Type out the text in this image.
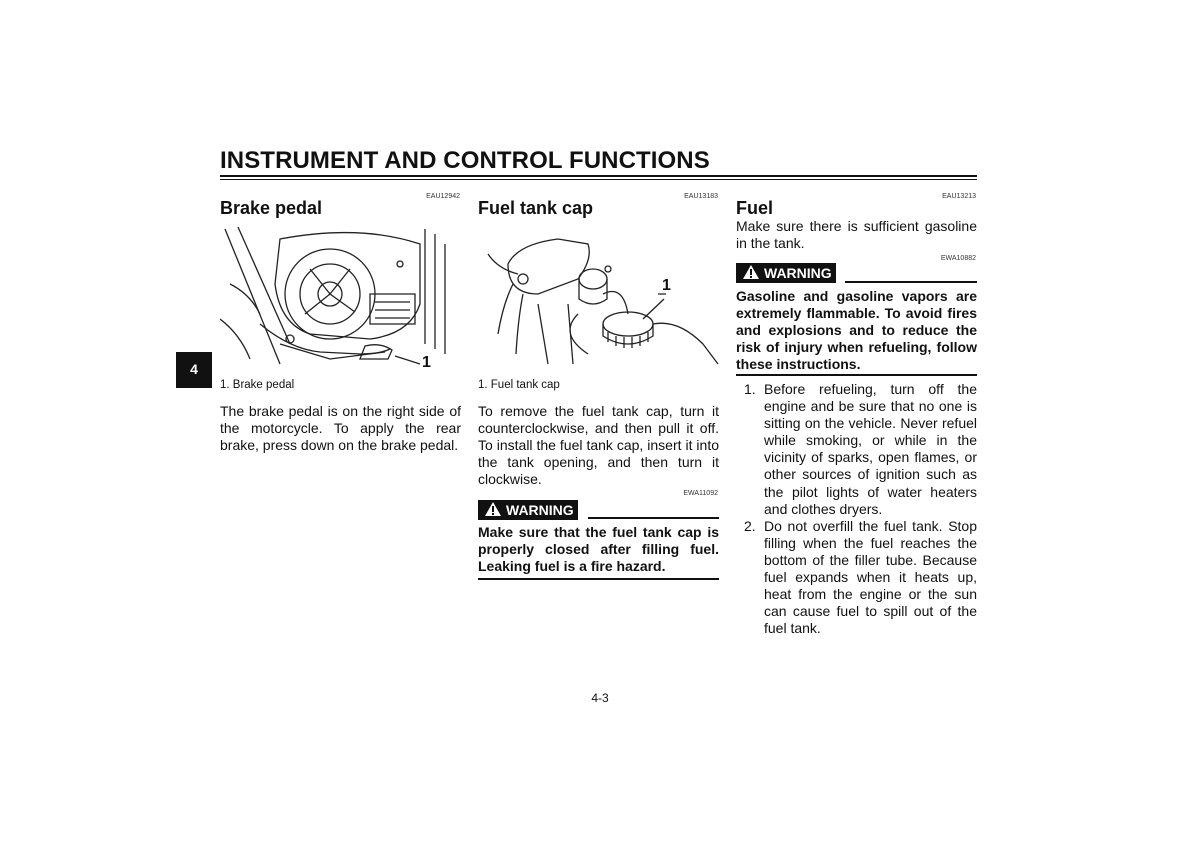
INSTRUMENT AND CONTROL FUNCTIONS
4
EAU12942
Brake pedal
1
1. Brake pedal
The brake pedal is on the right side of the motorcycle. To apply the rear brake, press down on the brake pedal.
EAU13183
Fuel tank cap
1
1. Fuel tank cap
To remove the fuel tank cap, turn it counterclockwise, and then pull it off. To install the fuel tank cap, insert it into the tank opening, and then turn it clockwise.
EWA11092
WARNING
Make sure that the fuel tank cap is properly closed after filling fuel. Leaking fuel is a fire hazard.
EAU13213
Fuel
Make sure there is sufficient gasoline in the tank.
EWA10882
WARNING
Gasoline and gasoline vapors are extremely flammable. To avoid fires and explosions and to reduce the risk of injury when refueling, follow these instructions.
1. Before refueling, turn off the engine and be sure that no one is sitting on the vehicle. Never refuel while smoking, or while in the vicinity of sparks, open flames, or other sources of ignition such as the pilot lights of water heaters and clothes dryers.
2. Do not overfill the fuel tank. Stop filling when the fuel reaches the bottom of the filler tube. Because fuel expands when it heats up, heat from the engine or the sun can cause fuel to spill out of the fuel tank.
4-3
